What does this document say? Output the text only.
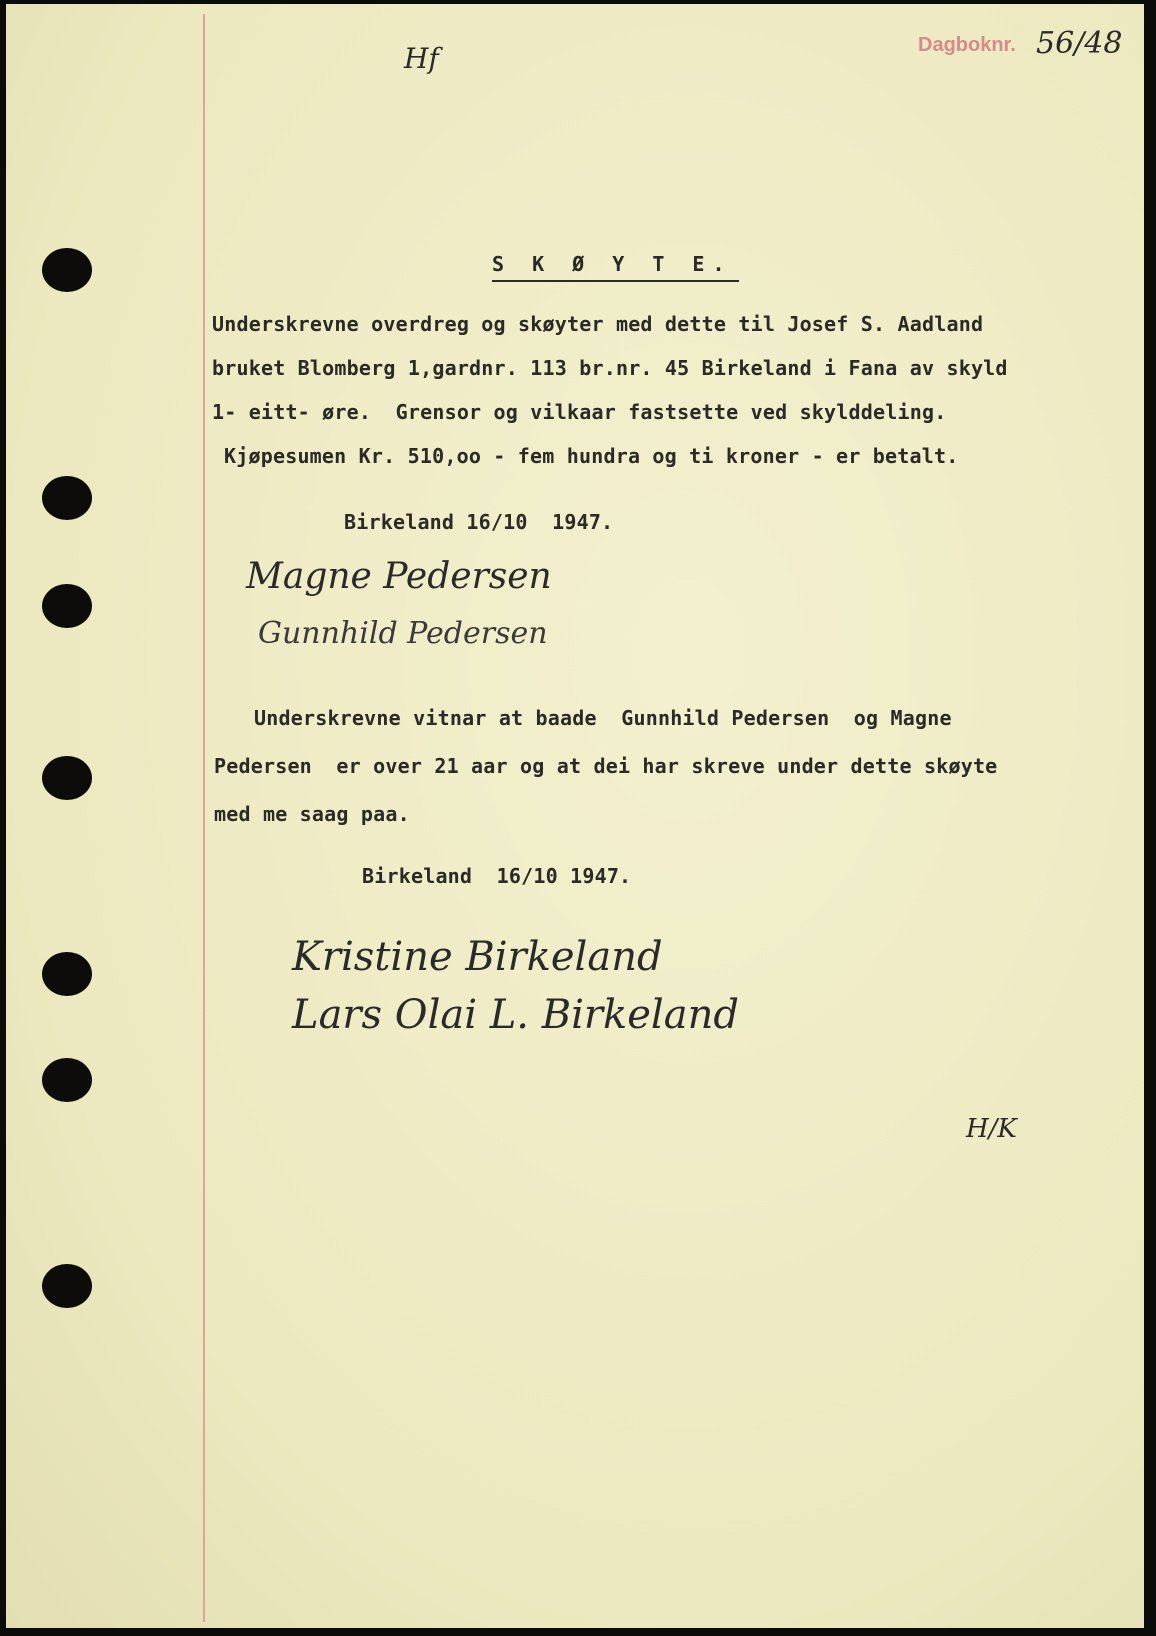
Dagboknr. 56/48
Hf
S K Ø Y T E.
Underskrevne overdreg og skøyter med dette til Josef S. Aadland
bruket Blomberg 1,gardnr. 113 br.nr. 45 Birkeland i Fana av skyld
1- eitt- øre.  Grensor og vilkaar fastsette ved skylddeling.
Kjøpesumen Kr. 510,oo - fem hundra og ti kroner - er betalt.
Birkeland 16/10  1947.
Magne Pedersen
Gunnhild Pedersen
Underskrevne vitnar at baade  Gunnhild Pedersen  og Magne
Pedersen  er over 21 aar og at dei har skreve under dette skøyte
med me saag paa.
Birkeland  16/10 1947.
Kristine Birkeland
Lars Olai L. Birkeland
H/K
